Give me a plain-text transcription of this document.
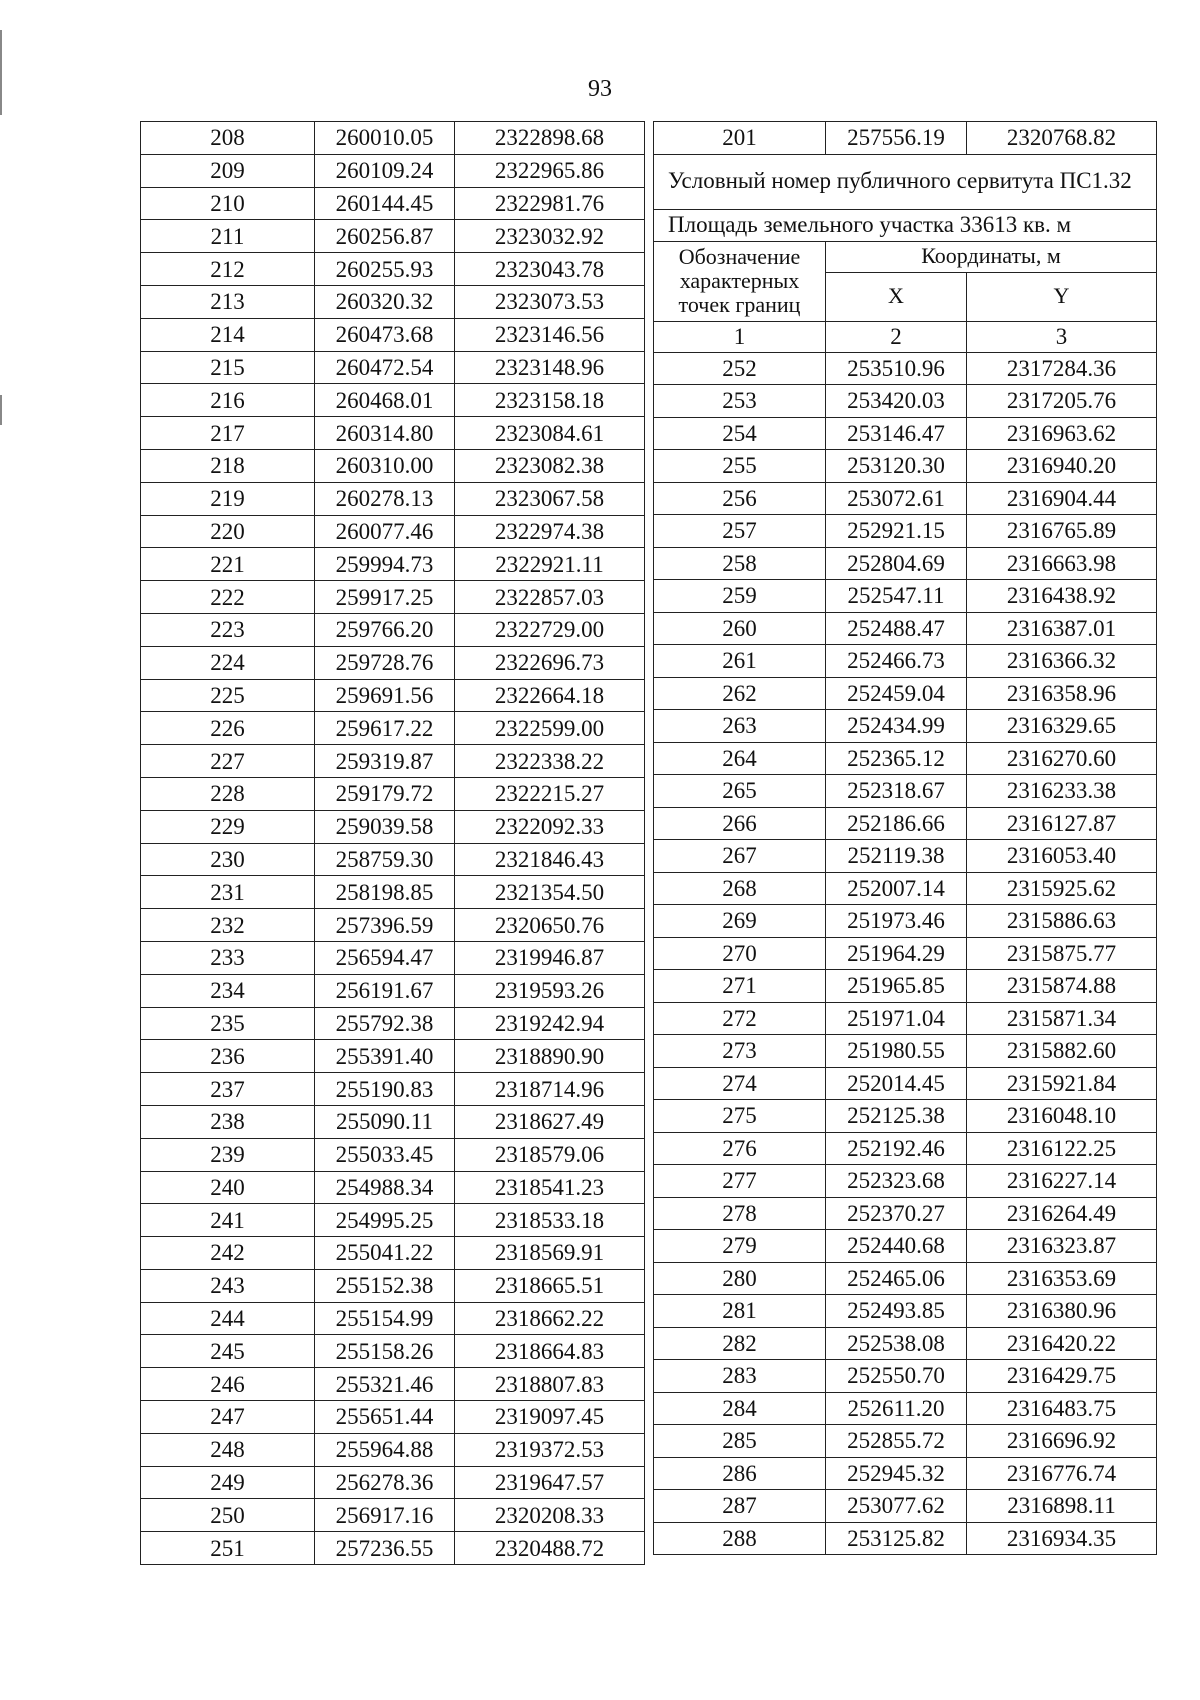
93
208	260010.05	2322898.68
209	260109.24	2322965.86
210	260144.45	2322981.76
211	260256.87	2323032.92
212	260255.93	2323043.78
213	260320.32	2323073.53
214	260473.68	2323146.56
215	260472.54	2323148.96
216	260468.01	2323158.18
217	260314.80	2323084.61
218	260310.00	2323082.38
219	260278.13	2323067.58
220	260077.46	2322974.38
221	259994.73	2322921.11
222	259917.25	2322857.03
223	259766.20	2322729.00
224	259728.76	2322696.73
225	259691.56	2322664.18
226	259617.22	2322599.00
227	259319.87	2322338.22
228	259179.72	2322215.27
229	259039.58	2322092.33
230	258759.30	2321846.43
231	258198.85	2321354.50
232	257396.59	2320650.76
233	256594.47	2319946.87
234	256191.67	2319593.26
235	255792.38	2319242.94
236	255391.40	2318890.90
237	255190.83	2318714.96
238	255090.11	2318627.49
239	255033.45	2318579.06
240	254988.34	2318541.23
241	254995.25	2318533.18
242	255041.22	2318569.91
243	255152.38	2318665.51
244	255154.99	2318662.22
245	255158.26	2318664.83
246	255321.46	2318807.83
247	255651.44	2319097.45
248	255964.88	2319372.53
249	256278.36	2319647.57
250	256917.16	2320208.33
251	257236.55	2320488.72
201	257556.19	2320768.82
Условный номер публичного сервитута ПС1.32		
Площадь земельного участка 33613 кв. м		
Обозначение характерных точек границ	Координаты, м	
	X	Y
1	2	3
252	253510.96	2317284.36
253	253420.03	2317205.76
254	253146.47	2316963.62
255	253120.30	2316940.20
256	253072.61	2316904.44
257	252921.15	2316765.89
258	252804.69	2316663.98
259	252547.11	2316438.92
260	252488.47	2316387.01
261	252466.73	2316366.32
262	252459.04	2316358.96
263	252434.99	2316329.65
264	252365.12	2316270.60
265	252318.67	2316233.38
266	252186.66	2316127.87
267	252119.38	2316053.40
268	252007.14	2315925.62
269	251973.46	2315886.63
270	251964.29	2315875.77
271	251965.85	2315874.88
272	251971.04	2315871.34
273	251980.55	2315882.60
274	252014.45	2315921.84
275	252125.38	2316048.10
276	252192.46	2316122.25
277	252323.68	2316227.14
278	252370.27	2316264.49
279	252440.68	2316323.87
280	252465.06	2316353.69
281	252493.85	2316380.96
282	252538.08	2316420.22
283	252550.70	2316429.75
284	252611.20	2316483.75
285	252855.72	2316696.92
286	252945.32	2316776.74
287	253077.62	2316898.11
288	253125.82	2316934.35
